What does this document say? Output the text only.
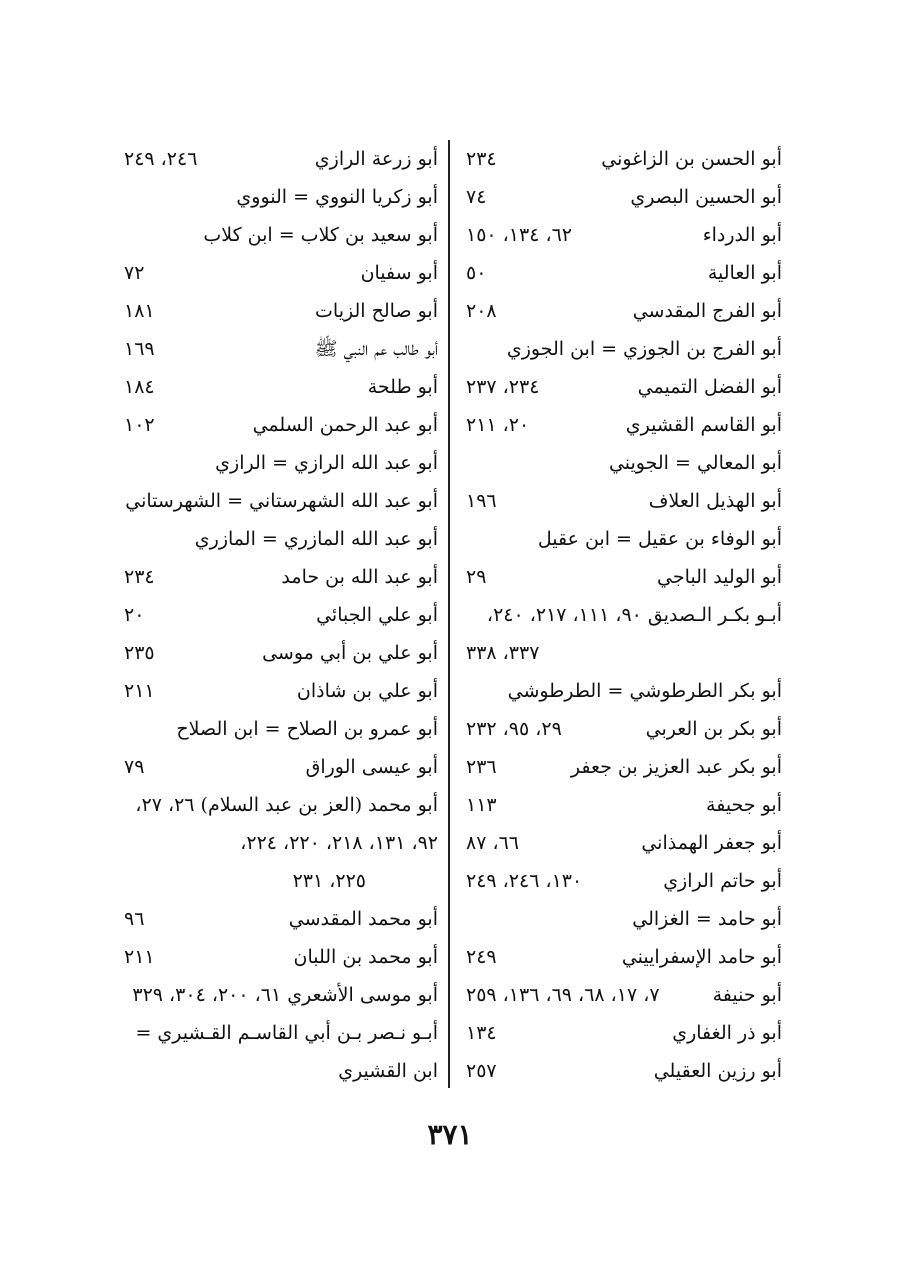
أبو الحسن بن الزاغوني
٢٣٤
أبو الحسين البصري
٧٤
أبو الدرداء
٦٢، ١٣٤، ١٥٠
أبو العالية
٥٠
أبو الفرج المقدسي
٢٠٨
أبو الفرج بن الجوزي = ابن الجوزي
أبو الفضل التميمي
٢٣٤، ٢٣٧
أبو القاسم القشيري
٢٠، ٢١١
أبو المعالي = الجويني
أبو الهذيل العلاف
١٩٦
أبو الوفاء بن عقيل = ابن عقيل
أبو الوليد الباجي
٢٩
أبـو بكـر الـصديق ٩٠، ١١١، ٢١٧، ٢٤٠،
٣٣٧، ٣٣٨
أبو بكر الطرطوشي = الطرطوشي
أبو بكر بن العربي
٢٩، ٩٥، ٢٣٢
أبو بكر عبد العزيز بن جعفر
٢٣٦
أبو جحيفة
١١٣
أبو جعفر الهمذاني
٦٦، ٨٧
أبو حاتم الرازي
١٣٠، ٢٤٦، ٢٤٩
أبو حامد = الغزالي
أبو حامد الإسفراييني
٢٤٩
أبو حنيفة
٧، ١٧، ٦٨، ٦٩، ١٣٦، ٢٥٩
أبو ذر الغفاري
١٣٤
أبو رزين العقيلي
٢٥٧
أبو زرعة الرازي
٢٤٦، ٢٤٩
أبو زكريا النووي = النووي
أبو سعيد بن كلاب = ابن كلاب
أبو سفيان
٧٢
أبو صالح الزيات
١٨١
أبو طالب عم النبي ﷺ
١٦٩
أبو طلحة
١٨٤
أبو عبد الرحمن السلمي
١٠٢
أبو عبد الله الرازي = الرازي
أبو عبد الله الشهرستاني = الشهرستاني
أبو عبد الله المازري = المازري
أبو عبد الله بن حامد
٢٣٤
أبو علي الجبائي
٢٠
أبو علي بن أبي موسى
٢٣٥
أبو علي بن شاذان
٢١١
أبو عمرو بن الصلاح = ابن الصلاح
أبو عيسى الوراق
٧٩
أبو محمد (العز بن عبد السلام) ٢٦، ٢٧،
٩٢، ١٣١، ٢١٨، ٢٢٠، ٢٢٤،
٢٢٥، ٢٣١
أبو محمد المقدسي
٩٦
أبو محمد بن اللبان
٢١١
أبو موسى الأشعري ٦١، ٢٠٠، ٣٠٤، ٣٢٩
أبـو نـصر بـن أبي القاسـم القـشيري =
ابن القشيري
٣٧١
